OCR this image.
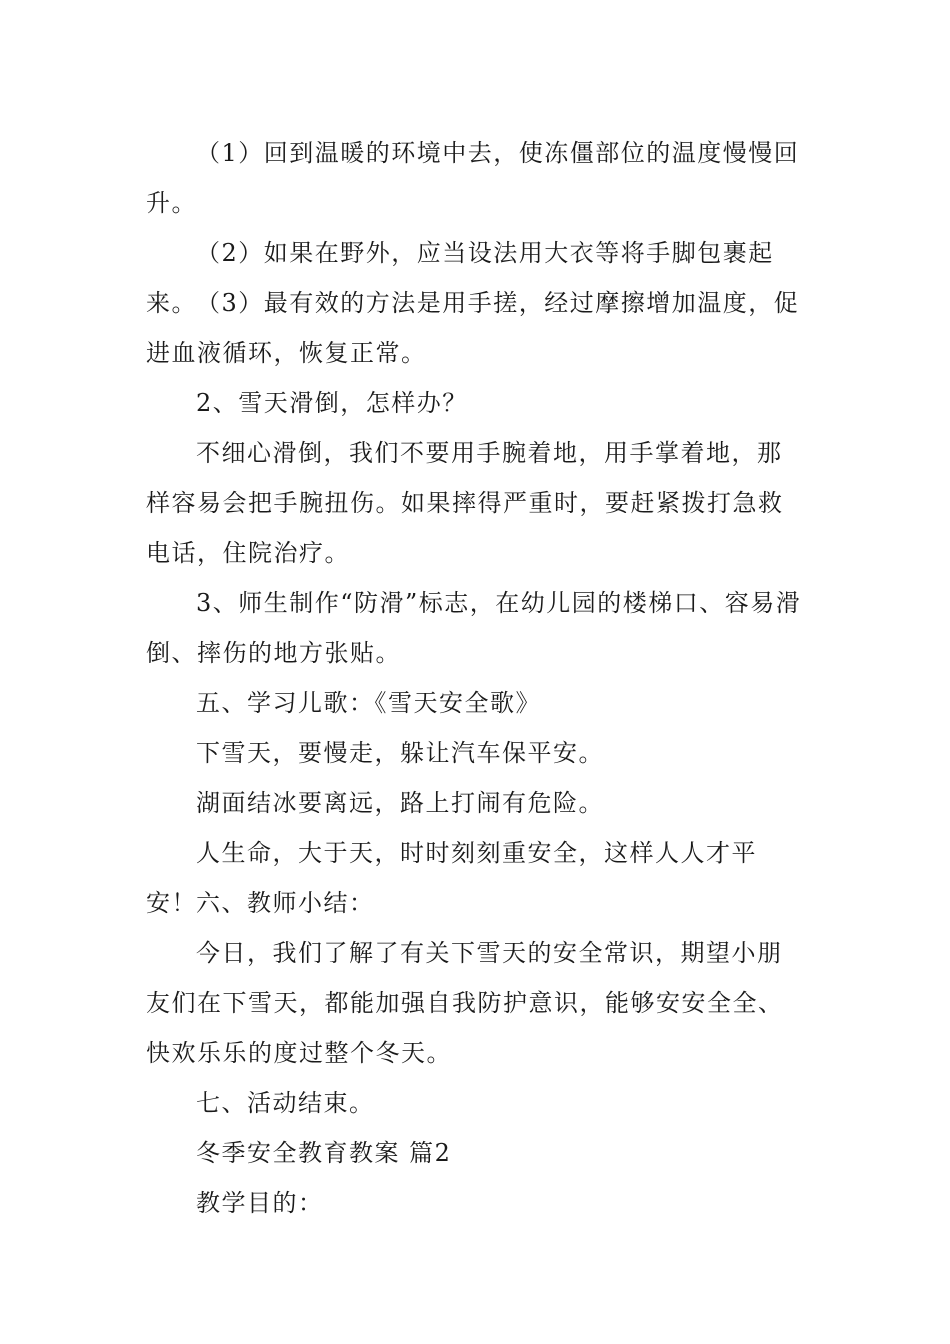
（1）回到温暖的环境中去，使冻僵部位的温度慢慢回升。

（2）如果在野外，应当设法用大衣等将手脚包裹起来。 （3）最有效的方法是用手搓，经过摩擦增加温度，促进血液循环，恢复正常。

2、雪天滑倒，怎样办？

不细心滑倒，我们不要用手腕着地，用手掌着地，那样容易会把手腕扭伤。如果摔得严重时，要赶紧拨打急救电话，住院治疗。

3、师生制作“防滑”标志，在幼儿园的楼梯口、容易滑倒、摔伤的地方张贴。

五、学习儿歌：《雪天安全歌》

下雪天，要慢走，躲让汽车保平安。

湖面结冰要离远，路上打闹有危险。

人生命，大于天，时时刻刻重安全，这样人人才平安！ 六、教师小结：

今日，我们了解了有关下雪天的安全常识，期望小朋友们在下雪天，都能加强自我防护意识，能够安安全全、快欢乐乐的度过整个冬天。

七、活动结束。

冬季安全教育教案 篇2

教学目的：
